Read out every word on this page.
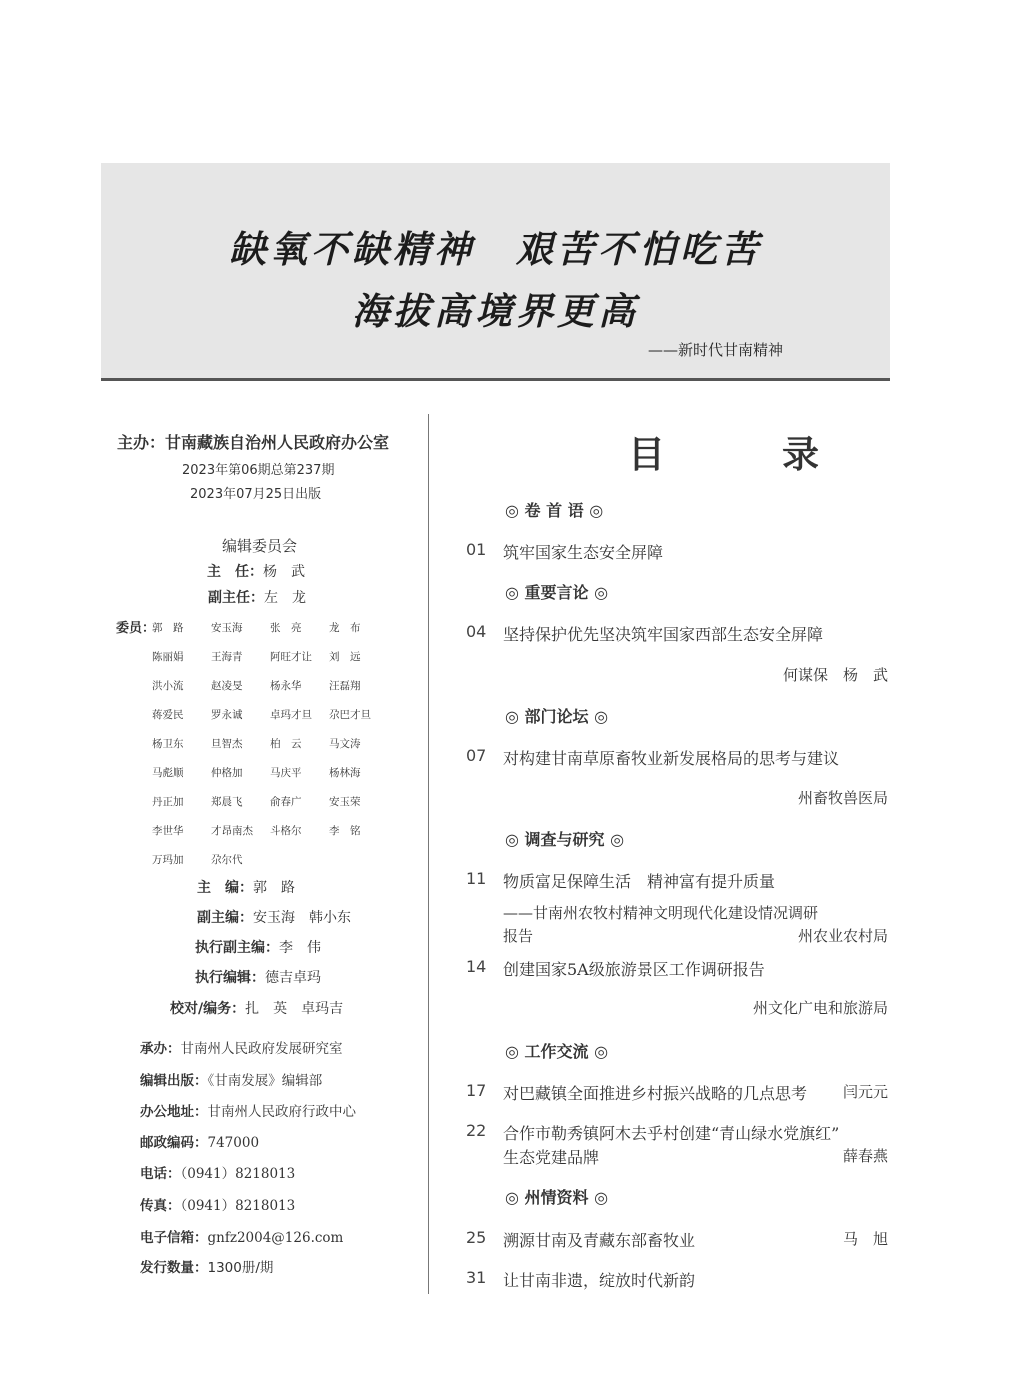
缺氧不缺精神　艰苦不怕吃苦
海拔高境界更高
——新时代甘南精神
主办：甘南藏族自治州人民政府办公室
2023年第06期总第237期
2023年07月25日出版
编辑委员会
主　任：杨　武
副主任：左　龙
委员：
郭　路	安玉海	张　亮	龙　布
陈丽娟	王海青	阿旺才让	刘　远
洪小流	赵凌旻	杨永华	汪磊翔
蒋爱民	罗永诚	卓玛才旦	尕巴才旦
杨卫东	旦智杰	柏　云	马文涛
马彪顺	仲格加	马庆平	杨林海
丹正加	郑晨飞	俞春广	安玉荣
李世华	才昂南杰	斗格尔	李　铭
万玛加	尕尔代
主　编：郭　路
副主编：安玉海　韩小东
执行副主编：李　伟
执行编辑：德吉卓玛
校对/编务：扎　英　卓玛吉
承办：甘南州人民政府发展研究室
编辑出版：《甘南发展》编辑部
办公地址：甘南州人民政府行政中心
邮政编码：747000
电话：（0941）8218013
传真：（0941）8218013
电子信箱：gnfz2004@126.com
发行数量：1300册/期
目　录
◎ 卷 首 语 ◎
01 筑牢国家生态安全屏障
◎ 重要言论 ◎
04 坚持保护优先坚决筑牢国家西部生态安全屏障
何谋保　杨　武
◎ 部门论坛 ◎
07 对构建甘南草原畜牧业新发展格局的思考与建议
州畜牧兽医局
◎ 调查与研究 ◎
11 物质富足保障生活　精神富有提升质量
——甘南州农牧村精神文明现代化建设情况调研
报告	州农业农村局
14 创建国家5A级旅游景区工作调研报告
州文化广电和旅游局
◎ 工作交流 ◎
17 对巴藏镇全面推进乡村振兴战略的几点思考 闫元元
22 合作市勒秀镇阿木去乎村创建“青山绿水党旗红”
生态党建品牌	薛春燕
◎ 州情资料 ◎
25 溯源甘南及青藏东部畜牧业	马　旭
31 让甘南非遗，绽放时代新韵
